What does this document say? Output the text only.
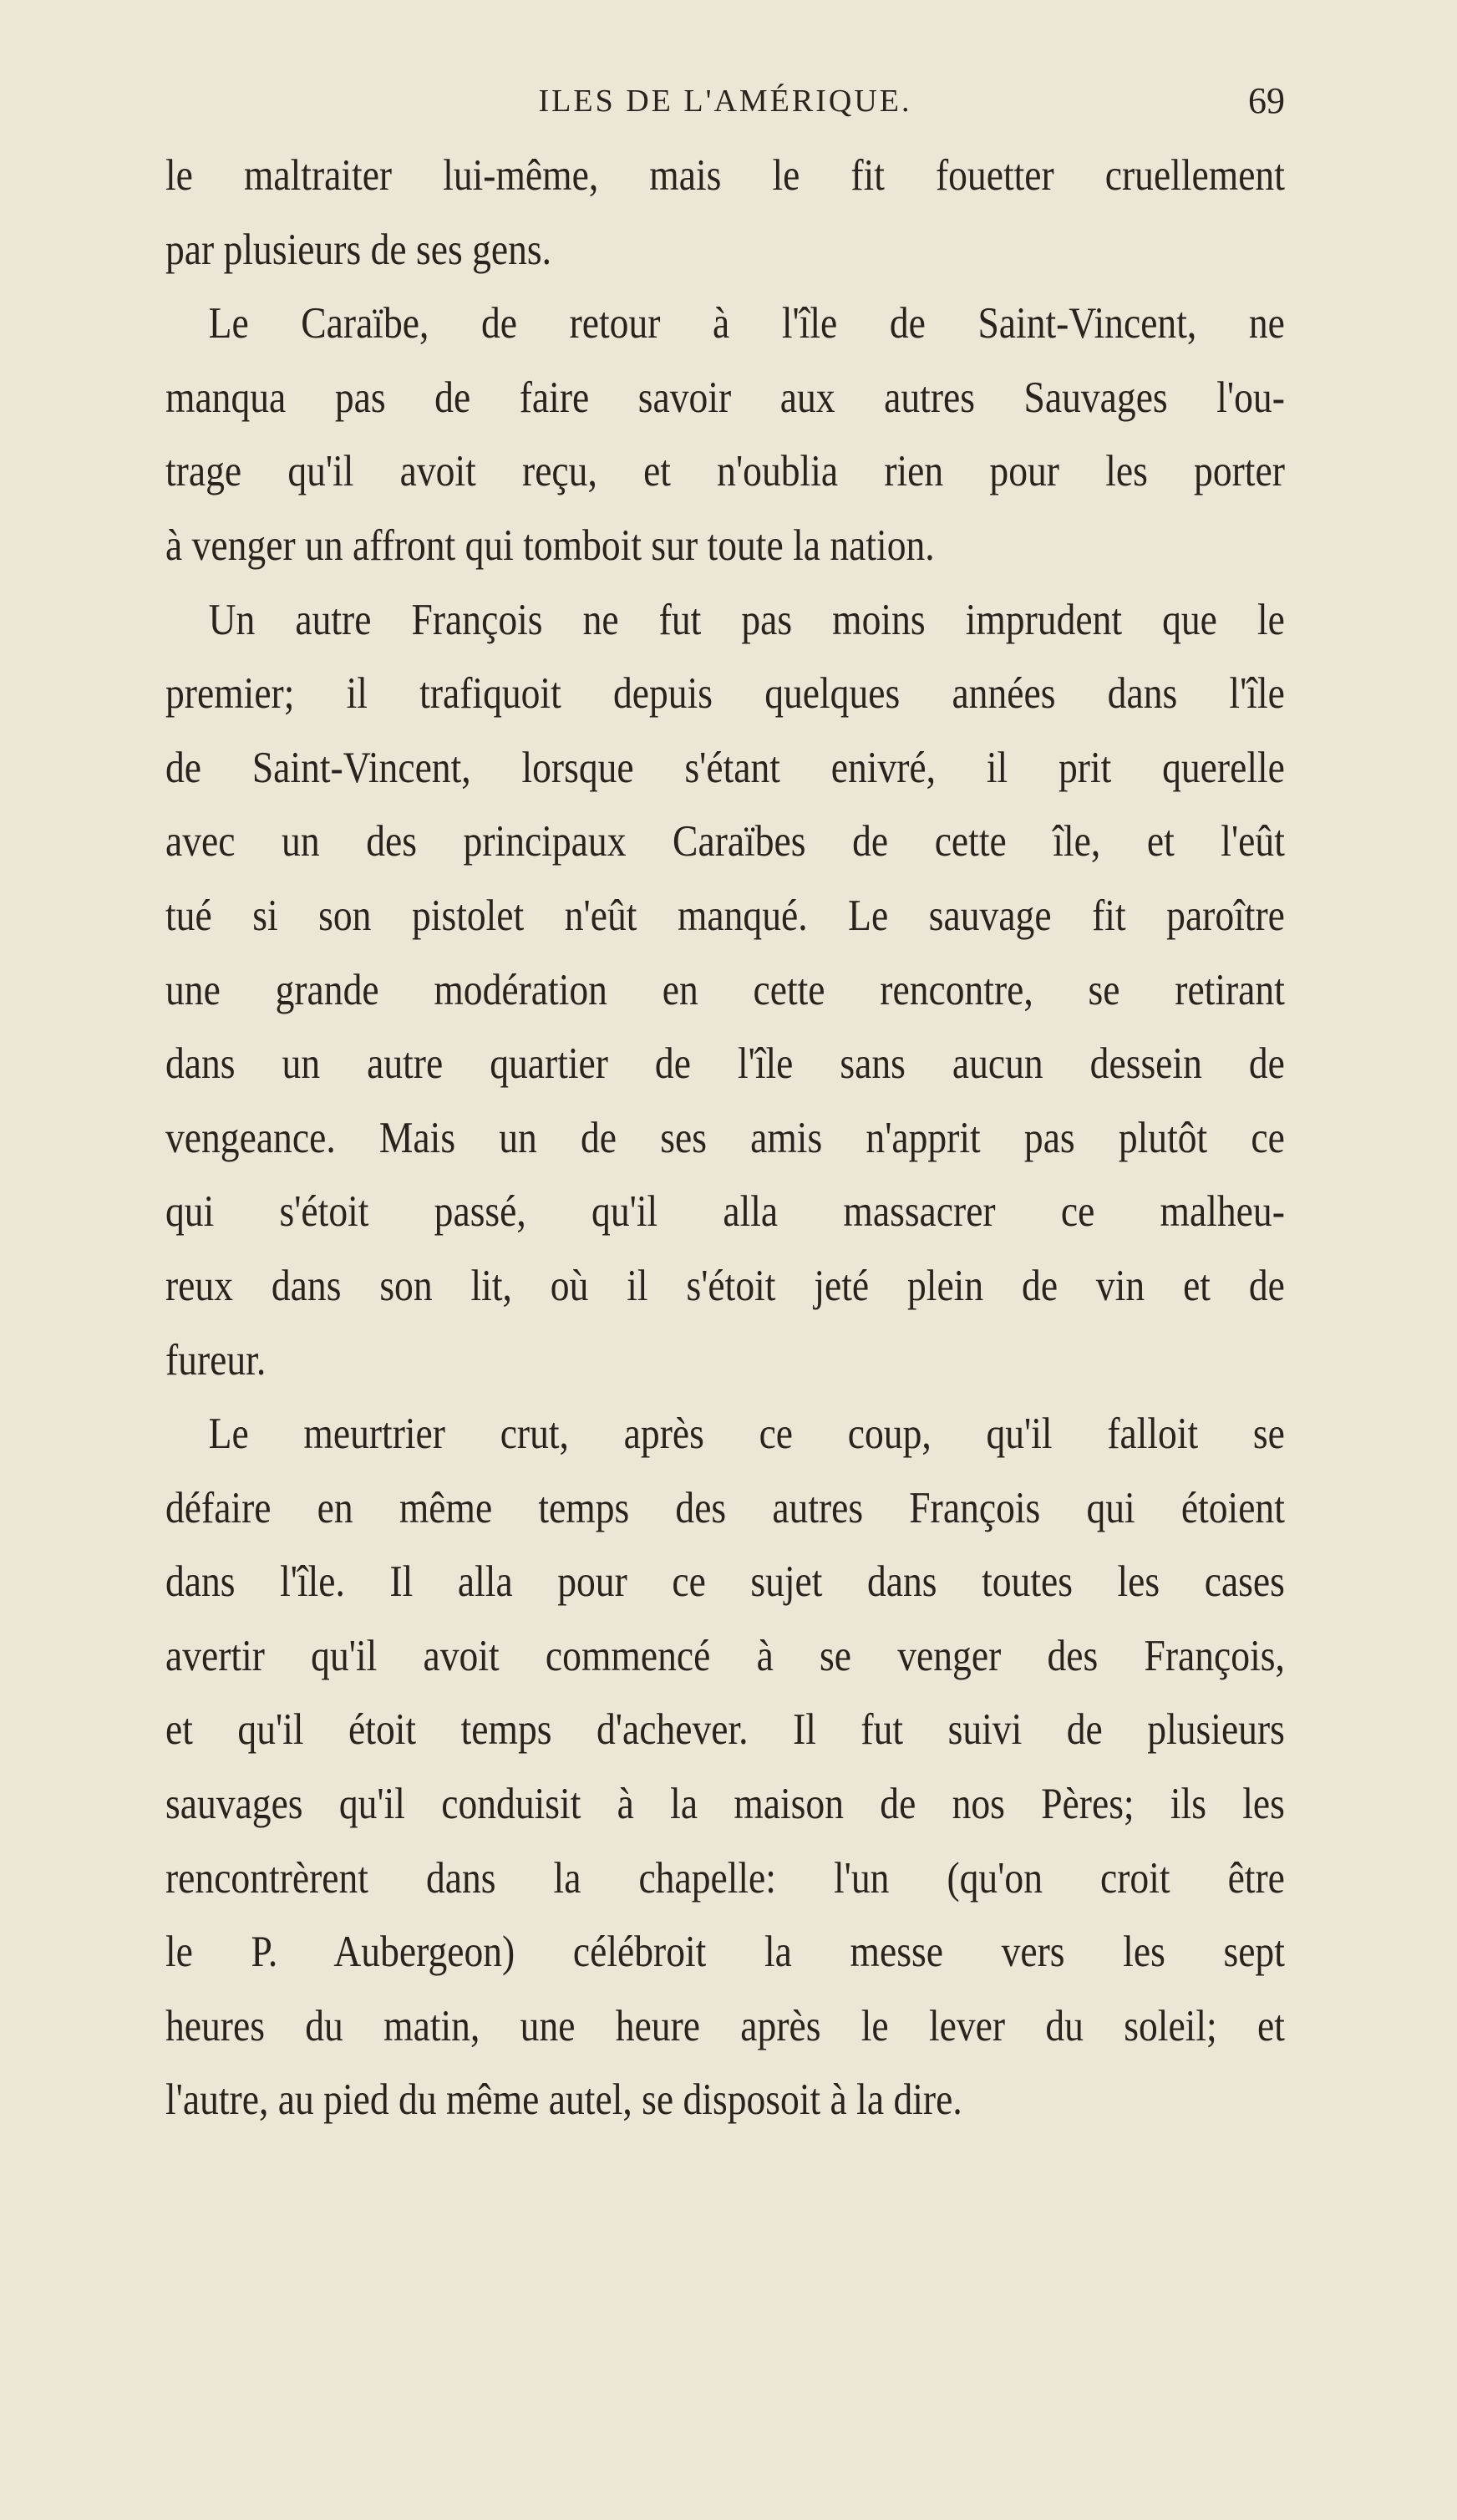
ILES DE L'AMÉRIQUE.	69
le maltraiter lui-même, mais le fit fouetter cruellement
par plusieurs de ses gens.
Le Caraïbe, de retour à l'île de Saint-Vincent, ne
manqua pas de faire savoir aux autres Sauvages l'ou-
trage qu'il avoit reçu, et n'oublia rien pour les porter
à venger un affront qui tomboit sur toute la nation.
Un autre François ne fut pas moins imprudent que le
premier; il trafiquoit depuis quelques années dans l'île
de Saint-Vincent, lorsque s'étant enivré, il prit querelle
avec un des principaux Caraïbes de cette île, et l'eût
tué si son pistolet n'eût manqué. Le sauvage fit paroître
une grande modération en cette rencontre, se retirant
dans un autre quartier de l'île sans aucun dessein de
vengeance. Mais un de ses amis n'apprit pas plutôt ce
qui s'étoit passé, qu'il alla massacrer ce malheu-
reux dans son lit, où il s'étoit jeté plein de vin et de
fureur.
Le meurtrier crut, après ce coup, qu'il falloit se
défaire en même temps des autres François qui étoient
dans l'île. Il alla pour ce sujet dans toutes les cases
avertir qu'il avoit commencé à se venger des François,
et qu'il étoit temps d'achever. Il fut suivi de plusieurs
sauvages qu'il conduisit à la maison de nos Pères; ils les
rencontrèrent dans la chapelle: l'un (qu'on croit être
le P. Aubergeon) célébroit la messe vers les sept
heures du matin, une heure après le lever du soleil; et
l'autre, au pied du même autel, se disposoit à la dire.
